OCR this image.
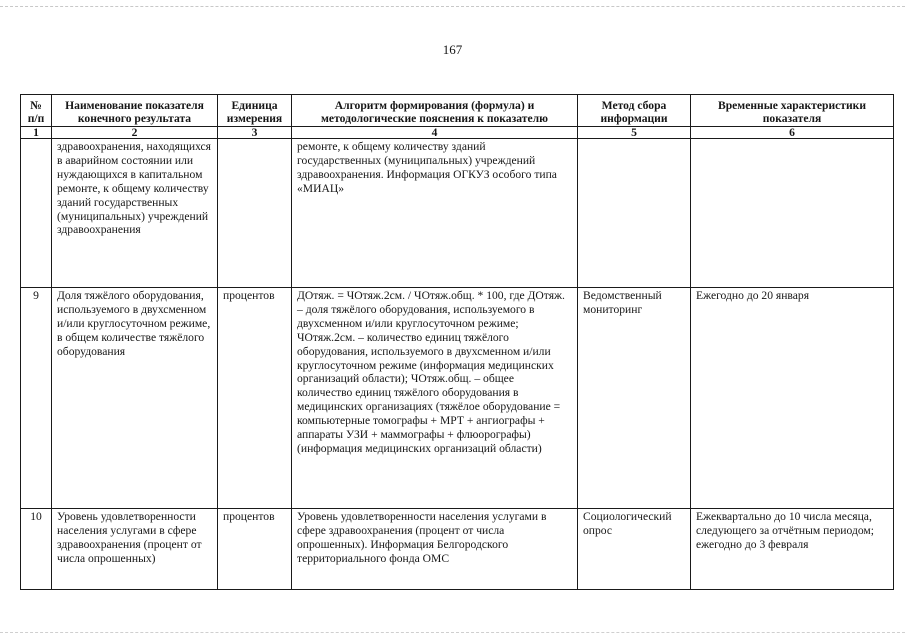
167
№ п/п	Наименование показателя конечного результата	Единица измерения	Алгоритм формирования (формула) и методологические пояснения к показателю	Метод сбора информации	Временные характеристики показателя
1	2	3	4	5	6
	здравоохранения, находящихся в аварийном состоянии или нуждающихся в капитальном ремонте, к общему количеству зданий государственных (муниципальных) учреждений здравоохранения		ремонте, к общему количеству зданий государственных (муниципальных) учреждений здравоохранения. Информация ОГКУЗ особого типа «МИАЦ»		
9	Доля тяжёлого оборудования, используемого в двухсменном и/или круглосуточном режиме, в общем количестве тяжёлого оборудования	процентов	ДОтяж. = ЧОтяж.2см. / ЧОтяж.общ. * 100, где ДОтяж. – доля тяжёлого оборудования, используемого в двухсменном и/или круглосуточном режиме; ЧОтяж.2см. – количество единиц тяжёлого оборудования, используемого в двухсменном и/или круглосуточном режиме (информация медицинских организаций области); ЧОтяж.общ. – общее количество единиц тяжёлого оборудования в медицинских организациях (тяжёлое оборудование = компьютерные томографы + МРТ + ангиографы + аппараты УЗИ + маммографы + флюорографы) (информация медицинских организаций области)	Ведомственный мониторинг	Ежегодно до 20 января
10	Уровень удовлетворенности населения услугами в сфере здравоохранения (процент от числа опрошенных)	процентов	Уровень удовлетворенности населения услугами в сфере здравоохранения (процент от числа опрошенных). Информация Белгородского территориального фонда ОМС	Социологический опрос	Ежеквартально до 10 числа месяца, следующего за отчётным периодом; ежегодно до 3 февраля
